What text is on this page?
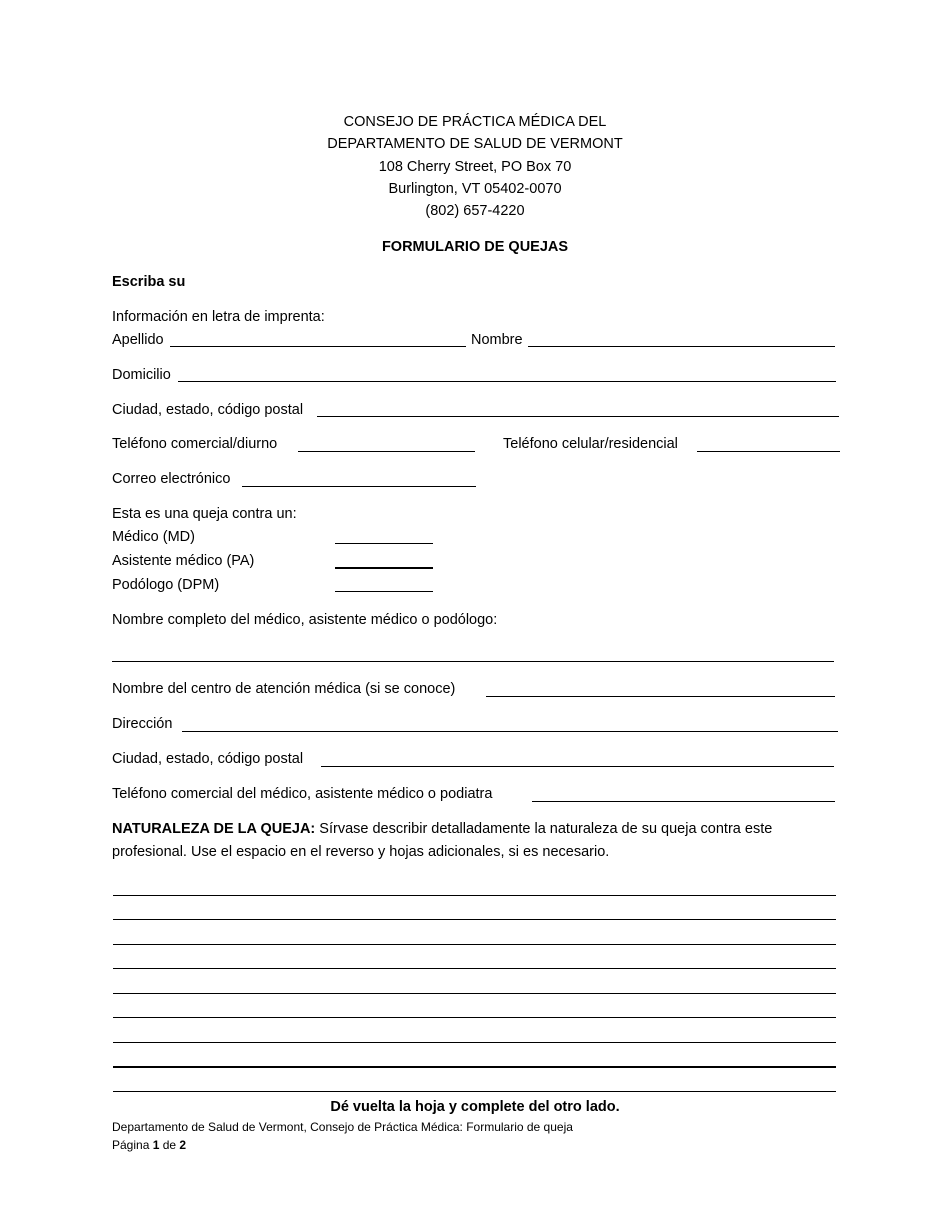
CONSEJO DE PRÁCTICA MÉDICA DEL
DEPARTAMENTO DE SALUD DE VERMONT
108 Cherry Street, PO Box 70
Burlington, VT 05402-0070
(802) 657-4220
FORMULARIO DE QUEJAS
Escriba su
Información en letra de imprenta:
Apellido	Nombre
Domicilio
Ciudad, estado, código postal
Teléfono comercial/diurno	Teléfono celular/residencial
Correo electrónico
Esta es una queja contra un:
Médico (MD)
Asistente médico (PA)
Podólogo (DPM)
Nombre completo del médico, asistente médico o podólogo:
Nombre del centro de atención médica (si se conoce)
Dirección
Ciudad, estado, código postal
Teléfono comercial del médico, asistente médico o podiatra
NATURALEZA DE LA QUEJA: Sírvase describir detalladamente la naturaleza de su queja contra este
profesional. Use el espacio en el reverso y hojas adicionales, si es necesario.
Dé vuelta la hoja y complete del otro lado.
Departamento de Salud de Vermont, Consejo de Práctica Médica: Formulario de queja
Página 1 de 2
